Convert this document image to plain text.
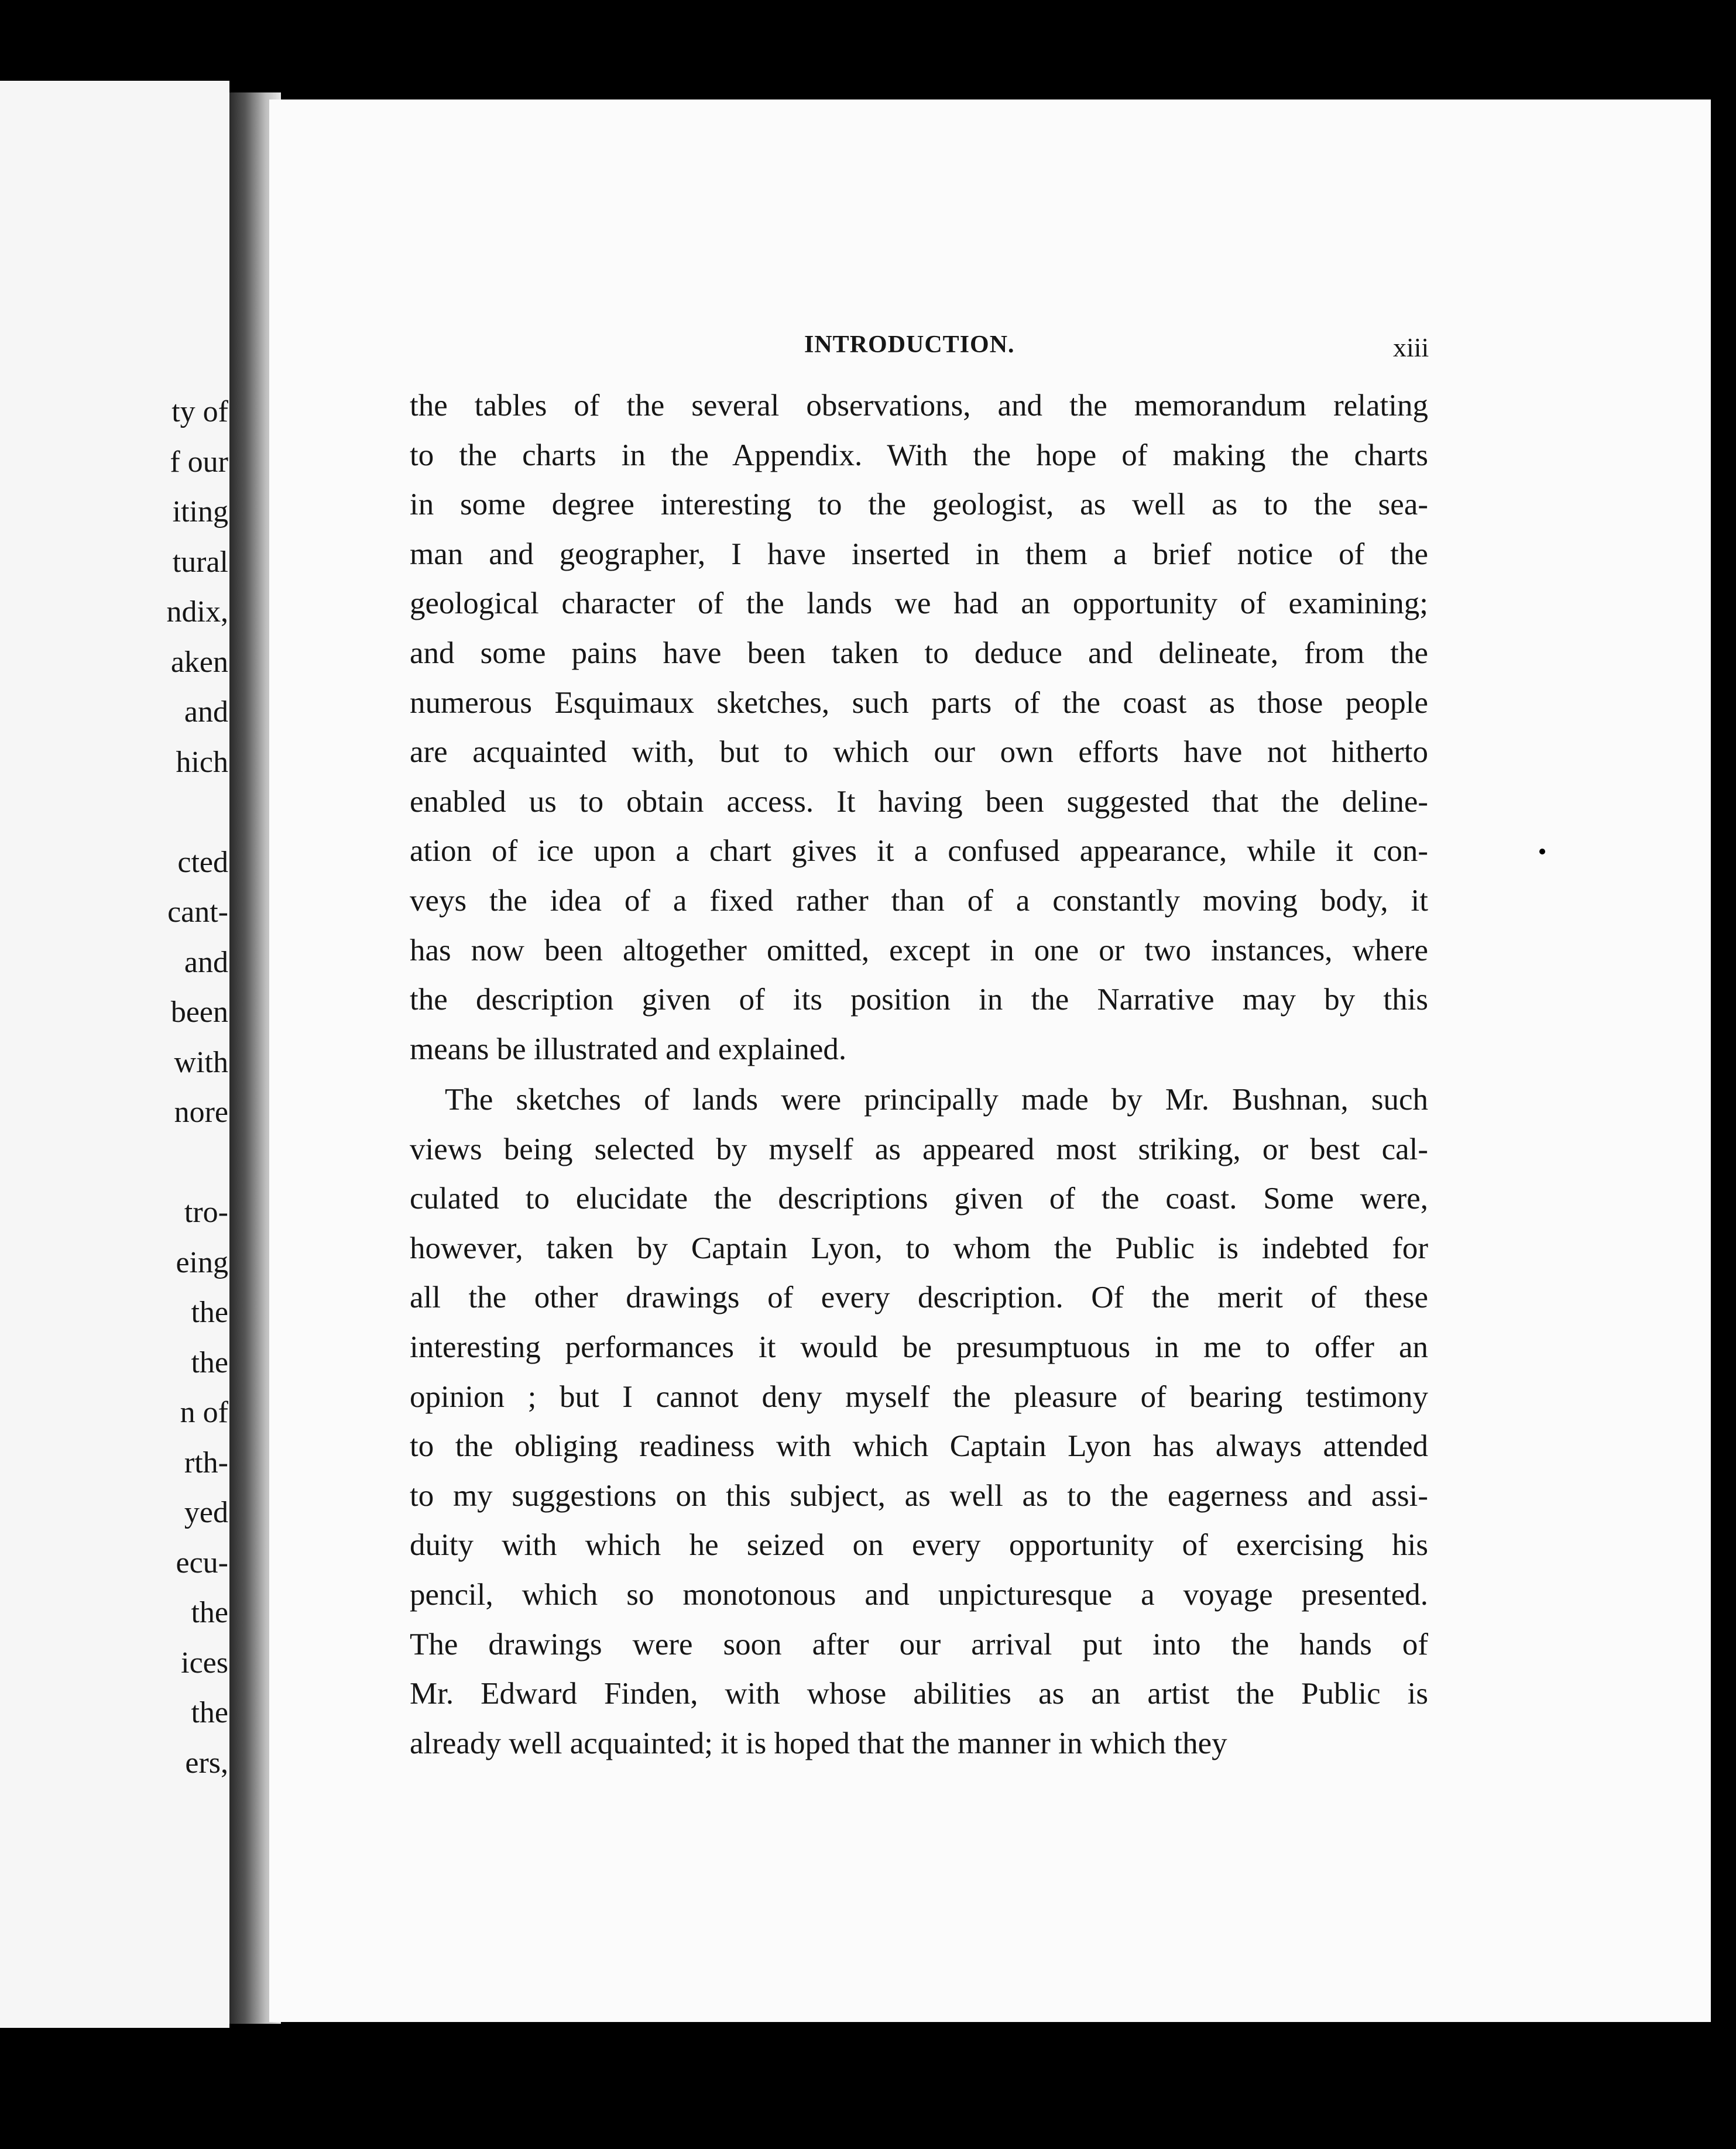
ty of
f our
iting
tural
ndix,
aken
and
hich
cted
cant-
and
been
with
nore
tro-
eing
the
the
n of
rth-
yed
ecu-
the
ices
the
ers,
INTRODUCTION.	xiii
the tables of the several observations, and the memorandum relating
to the charts in the Appendix. With the hope of making the charts
in some degree interesting to the geologist, as well as to the sea-
man and geographer, I have inserted in them a brief notice of the
geological character of the lands we had an opportunity of examining;
and some pains have been taken to deduce and delineate, from the
numerous Esquimaux sketches, such parts of the coast as those people
are acquainted with, but to which our own efforts have not hitherto
enabled us to obtain access. It having been suggested that the deline-
ation of ice upon a chart gives it a confused appearance, while it con-
veys the idea of a fixed rather than of a constantly moving body, it
has now been altogether omitted, except in one or two instances, where
the description given of its position in the Narrative may by this
means be illustrated and explained.
The sketches of lands were principally made by Mr. Bushnan, such
views being selected by myself as appeared most striking, or best cal-
culated to elucidate the descriptions given of the coast. Some were,
however, taken by Captain Lyon, to whom the Public is indebted for
all the other drawings of every description. Of the merit of these
interesting performances it would be presumptuous in me to offer an
opinion ; but I cannot deny myself the pleasure of bearing testimony
to the obliging readiness with which Captain Lyon has always attended
to my suggestions on this subject, as well as to the eagerness and assi-
duity with which he seized on every opportunity of exercising his
pencil, which so monotonous and unpicturesque a voyage presented.
The drawings were soon after our arrival put into the hands of
Mr. Edward Finden, with whose abilities as an artist the Public is
already well acquainted; it is hoped that the manner in which they
